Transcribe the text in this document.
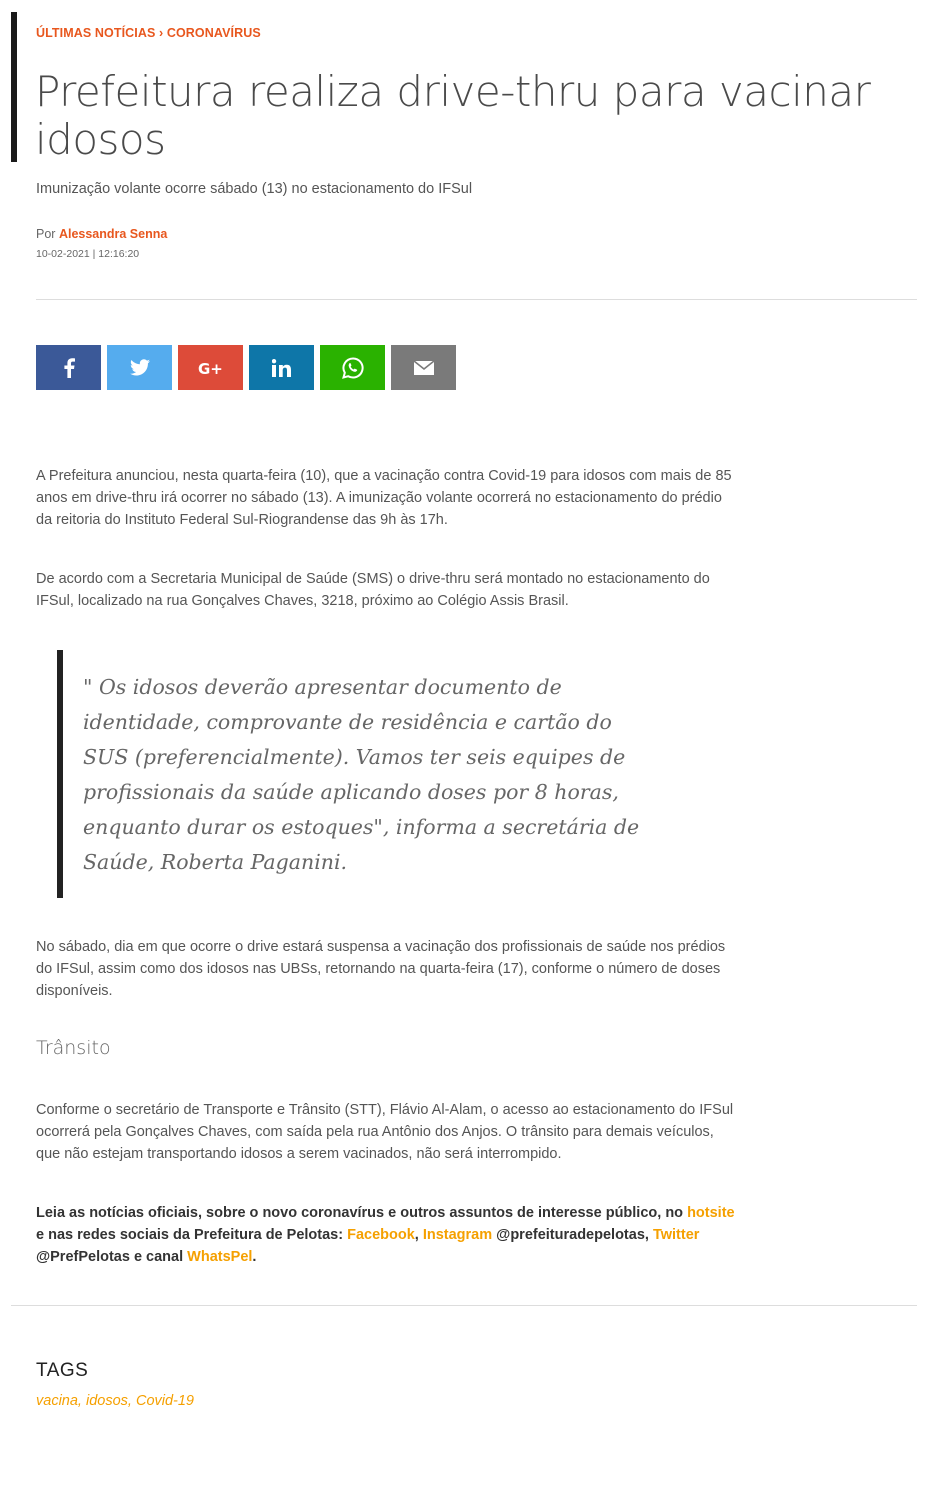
ÚLTIMAS NOTÍCIAS › CORONAVÍRUS
Prefeitura realiza drive-thru para vacinar idosos

Imunização volante ocorre sábado (13) no estacionamento do IFSul

Por Alessandra Senna
10-02-2021 | 12:16:20
G+

A Prefeitura anunciou, nesta quarta-feira (10), que a vacinação contra Covid-19 para idosos com mais de 85 anos em drive-thru irá ocorrer no sábado (13). A imunização volante ocorrerá no estacionamento do prédio da reitoria do Instituto Federal Sul-Riograndense das 9h às 17h.

De acordo com a Secretaria Municipal de Saúde (SMS) o drive-thru será montado no estacionamento do IFSul, localizado na rua Gonçalves Chaves, 3218, próximo ao Colégio Assis Brasil.

" Os idosos deverão apresentar documento de identidade, comprovante de residência e cartão do SUS (preferencialmente). Vamos ter seis equipes de profissionais da saúde aplicando doses por 8 horas, enquanto durar os estoques", informa a secretária de Saúde, Roberta Paganini.

No sábado, dia em que ocorre o drive estará suspensa a vacinação dos profissionais de saúde nos prédios do IFSul, assim como dos idosos nas UBSs, retornando na quarta-feira (17), conforme o número de doses disponíveis.

Trânsito

Conforme o secretário de Transporte e Trânsito (STT), Flávio Al-Alam, o acesso ao estacionamento do IFSul ocorrerá pela Gonçalves Chaves, com saída pela rua Antônio dos Anjos. O trânsito para demais veículos, que não estejam transportando idosos a serem vacinados, não será interrompido.

Leia as notícias oficiais, sobre o novo coronavírus e outros assuntos de interesse público, no hotsite e nas redes sociais da Prefeitura de Pelotas: Facebook, Instagram @prefeituradepelotas, Twitter @PrefPelotas e canal WhatsPel.

TAGS
vacina, idosos, Covid-19
